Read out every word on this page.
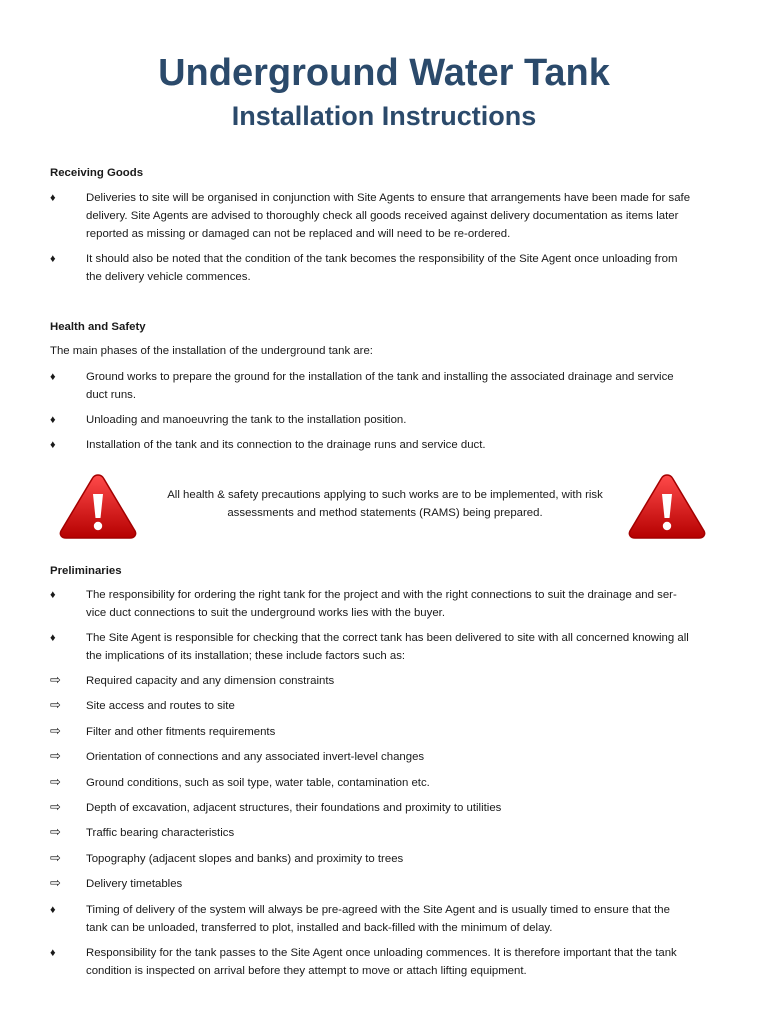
Underground Water Tank
Installation Instructions
Receiving Goods
♦	Deliveries to site will be organised in conjunction with Site Agents to ensure that arrangements have been made for safe
delivery. Site Agents are advised to thoroughly check all goods received against delivery documentation as items later
reported as missing or damaged can not be replaced and will need to be re-ordered.
♦	It should also be noted that the condition of the tank becomes the responsibility of the Site Agent once unloading from
the delivery vehicle commences.
Health and Safety
The main phases of the installation of the underground tank are:
♦	Ground works to prepare the ground for the installation of the tank and installing the associated drainage and service
duct runs.
♦	Unloading and manoeuvring the tank to the installation position.
♦	Installation of the tank and its connection to the drainage runs and service duct.
All health & safety precautions applying to such works are to be implemented, with risk
assessments and method statements (RAMS) being prepared.
Preliminaries
♦	The responsibility for ordering the right tank for the project and with the right connections to suit the drainage and ser-
vice duct connections to suit the underground works lies with the buyer.
♦	The Site Agent is responsible for checking that the correct tank has been delivered to site with all concerned knowing all
the implications of its installation; these include factors such as:
⇨	Required capacity and any dimension constraints
⇨	Site access and routes to site
⇨	Filter and other fitments requirements
⇨	Orientation of connections and any associated invert-level changes
⇨	Ground conditions, such as soil type, water table, contamination etc.
⇨	Depth of excavation, adjacent structures, their foundations and proximity to utilities
⇨	Traffic bearing characteristics
⇨	Topography (adjacent slopes and banks) and proximity to trees
⇨	Delivery timetables
♦	Timing of delivery of the system will always be pre-agreed with the Site Agent and is usually timed to ensure that the
tank can be unloaded, transferred to plot, installed and back-filled with the minimum of delay.
♦	Responsibility for the tank passes to the Site Agent once unloading commences. It is therefore important that the tank
condition is inspected on arrival before they attempt to move or attach lifting equipment.
